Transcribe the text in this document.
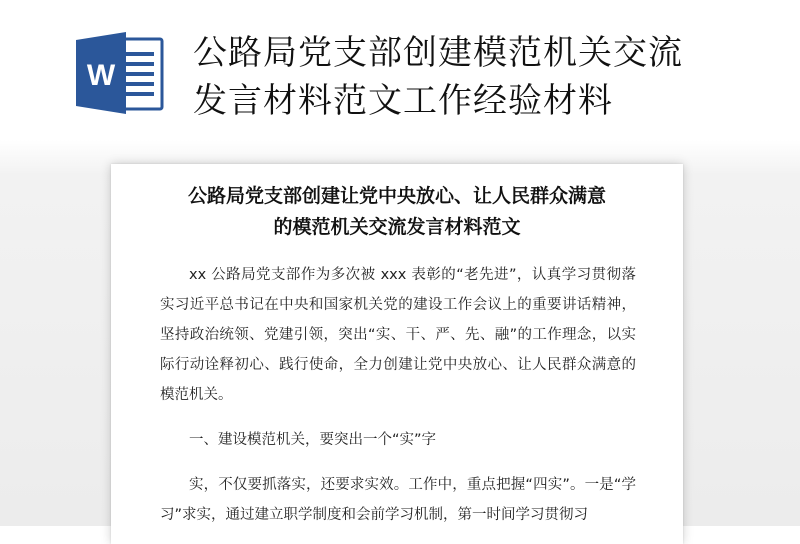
W
公路局党支部创建模范机关交流
发言材料范文工作经验材料
公路局党支部创建让党中央放心、让人民群众满意
的模范机关交流发言材料范文

xx 公路局党支部作为多次被 xxx 表彰的“老先进”，认真学习贯彻落实习近平总书记在中央和国家机关党的建设工作会议上的重要讲话精神，坚持政治统领、党建引领，突出“实、干、严、先、融”的工作理念，以实际行动诠释初心、践行使命，全力创建让党中央放心、让人民群众满意的模范机关。

一、建设模范机关，要突出一个“实”字

实，不仅要抓落实，还要求实效。工作中，重点把握“四实”。一是“学习”求实，通过建立职学制度和会前学习机制，第一时间学习贯彻习
